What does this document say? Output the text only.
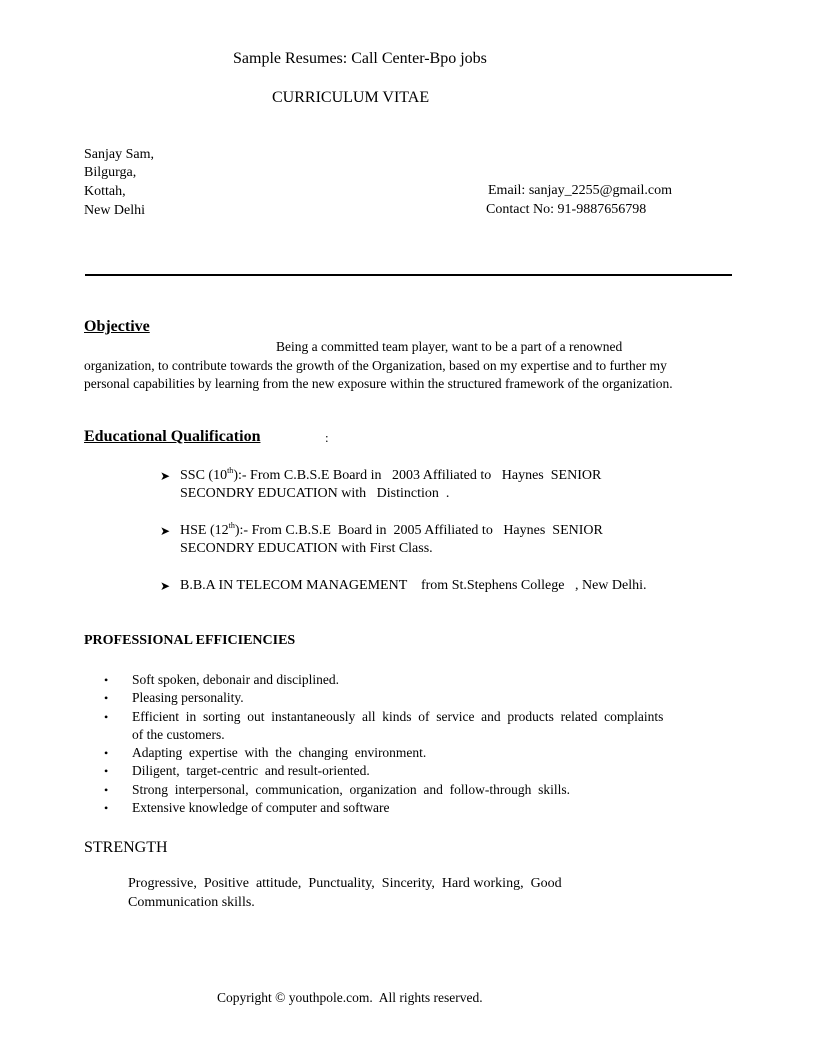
Sample Resumes: Call Center-Bpo jobs
CURRICULUM VITAE
Sanjay Sam,
Bilgurga,
Kottah,
New Delhi
Email: sanjay_2255@gmail.com
Contact No: 91-9887656798
Objective
Being a committed team player, want to be a part of a renowned
organization, to contribute towards the growth of the Organization, based on my expertise and to further my
personal capabilities by learning from the new exposure within the structured framework of the organization.
Educational Qualification	:
➤ SSC (10th):- From C.B.S.E Board in   2003 Affiliated to   Haynes  SENIOR
SECONDRY EDUCATION with   Distinction  .
➤ HSE (12th):- From C.B.S.E  Board in  2005 Affiliated to   Haynes  SENIOR
SECONDRY EDUCATION with First Class.
➤ B.B.A IN TELECOM MANAGEMENT    from St.Stephens College   , New Delhi.
PROFESSIONAL EFFICIENCIES
• Soft spoken, debonair and disciplined.
• Pleasing personality.
• Efficient  in  sorting  out  instantaneously  all  kinds  of  service  and  products  related  complaints
of the customers.
• Adapting  expertise  with  the  changing  environment.
• Diligent,  target-centric  and result-oriented.
• Strong  interpersonal,  communication,  organization  and  follow-through  skills.
• Extensive knowledge of computer and software
STRENGTH
Progressive,  Positive  attitude,  Punctuality,  Sincerity,  Hard working,  Good
Communication skills.
Copyright © youthpole.com.  All rights reserved.
